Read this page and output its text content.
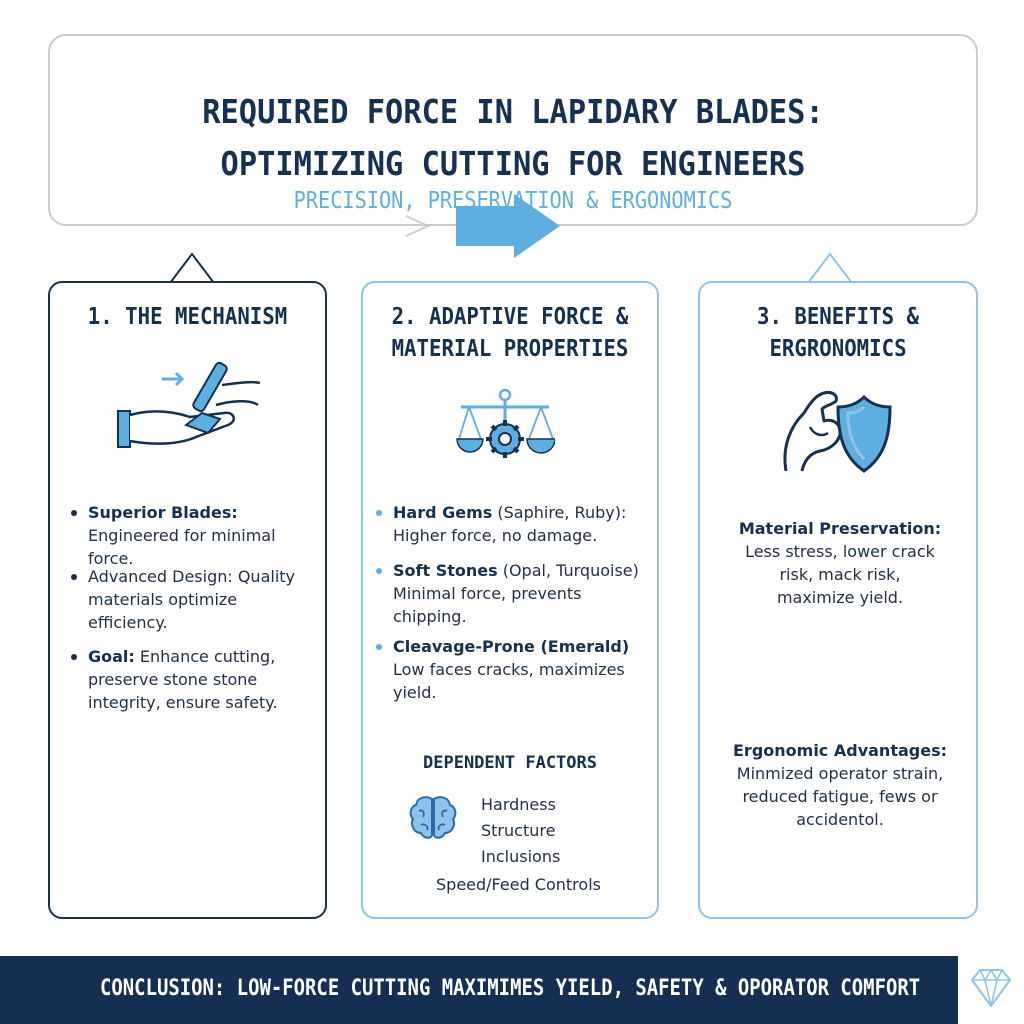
REQUIRED FORCE IN LAPIDARY BLADES:
OPTIMIZING CUTTING FOR ENGINEERS
PRECISION, PRESERVATION & ERGONOMICS
1. THE MECHANISM
Superior Blades: Engineered for minimal force.
Advanced Design: Quality materials optimize efficiency.
Goal: Enhance cutting, preserve stone stone integrity, ensure safety.
2. ADAPTIVE FORCE &
MATERIAL PROPERTIES
Hard Gems (Saphire, Ruby): Higher force, no damage.
Soft Stones (Opal, Turquoise) Minimal force, prevents chipping.
Cleavage-Prone (Emerald)
Low faces cracks, maximizes yield.
DEPENDENT FACTORS
Hardness
Structure
Inclusions
Speed/Feed Controls
3. BENEFITS &
ERGRONOMICS
Material Preservation:
Less stress, lower crack
risk, mack risk,
maximize yield.
Ergonomic Advantages:
Minmized operator strain,
reduced fatigue, fews or
accidentol.
CONCLUSION: LOW-FORCE CUTTING MAXIMIMES YIELD, SAFETY & OPORATOR COMFORT
